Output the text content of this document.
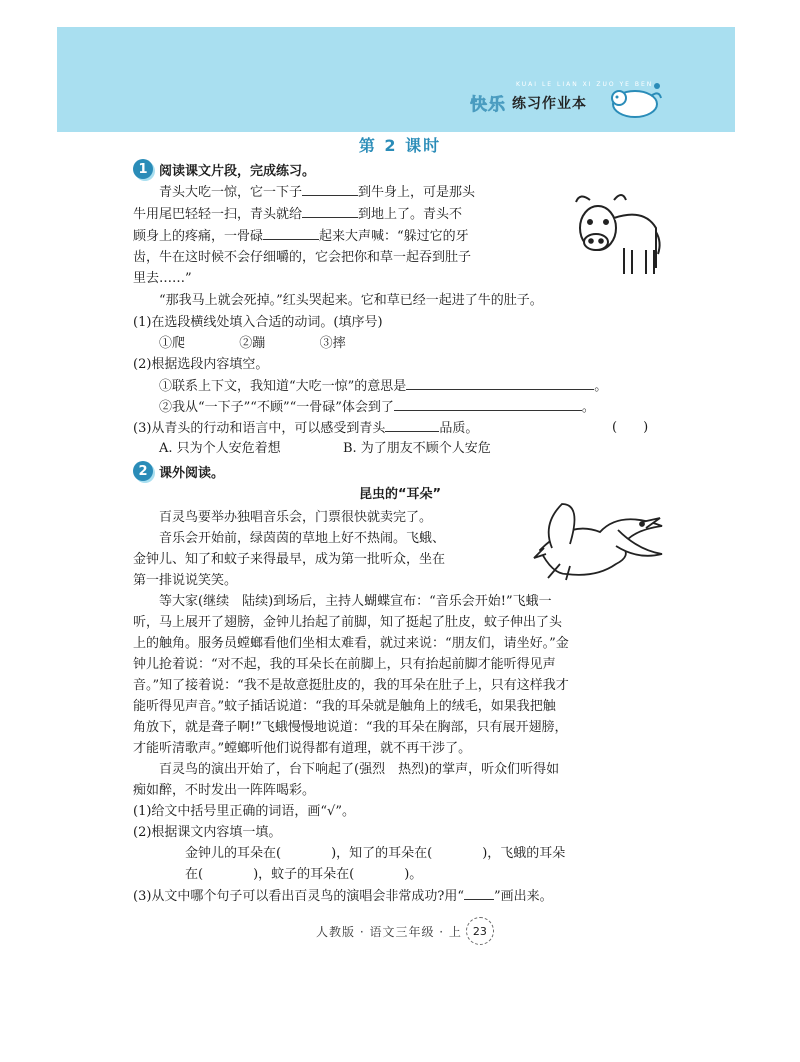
KUAI LE LIAN XI ZUO YE BEN
快乐 练习作业本
第 2 课时
1 阅读课文片段，完成练习。
青头大吃一惊，它一下子	到牛身上，可是那头
牛用尾巴轻轻一扫，青头就给	到地上了。青头不
顾身上的疼痛，一骨碌	起来大声喊：“躲过它的牙
齿，牛在这时候不会仔细嚼的，它会把你和草一起吞到肚子
里去……”
“那我马上就会死掉。”红头哭起来。它和草已经一起进了牛的肚子。
(1)在选段横线处填入合适的动词。(填序号)
①爬	②蹦	③摔
(2)根据选段内容填空。
①联系上下文，我知道“大吃一惊”的意思是	。
②我从“一下子”“不顾”“一骨碌”体会到了	。
(3)从青头的行动和语言中，可以感受到青头	品质。	(　　)
A. 只为个人安危着想	B. 为了朋友不顾个人安危
2 课外阅读。
昆虫的“耳朵”
百灵鸟要举办独唱音乐会，门票很快就卖完了。
音乐会开始前，绿茵茵的草地上好不热闹。飞蛾、
金钟儿、知了和蚊子来得最早，成为第一批听众，坐在
第一排说说笑笑。
等大家(继续　陆续)到场后，主持人蝴蝶宣布：“音乐会开始!”飞蛾一
听，马上展开了翅膀，金钟儿抬起了前脚，知了挺起了肚皮，蚊子伸出了头
上的触角。服务员螳螂看他们坐相太难看，就过来说：“朋友们，请坐好。”金
钟儿抢着说：“对不起，我的耳朵长在前脚上，只有抬起前脚才能听得见声
音。”知了接着说：“我不是故意挺肚皮的，我的耳朵在肚子上，只有这样我才
能听得见声音。”蚊子插话说道：“我的耳朵就是触角上的绒毛，如果我把触
角放下，就是聋子啊!”飞蛾慢慢地说道：“我的耳朵在胸部，只有展开翅膀，
才能听清歌声。”螳螂听他们说得都有道理，就不再干涉了。
百灵鸟的演出开始了，台下响起了(强烈　热烈)的掌声，听众们听得如
痴如醉，不时发出一阵阵喝彩。
(1)给文中括号里正确的词语，画“√”。
(2)根据课文内容填一填。
金钟儿的耳朵在(	)，知了的耳朵在(	)，飞蛾的耳朵
在(	)，蚊子的耳朵在(	)。
(3)从文中哪个句子可以看出百灵鸟的演唱会非常成功?用“ ”画出来。
人教版 · 语文三年级 · 上	23
